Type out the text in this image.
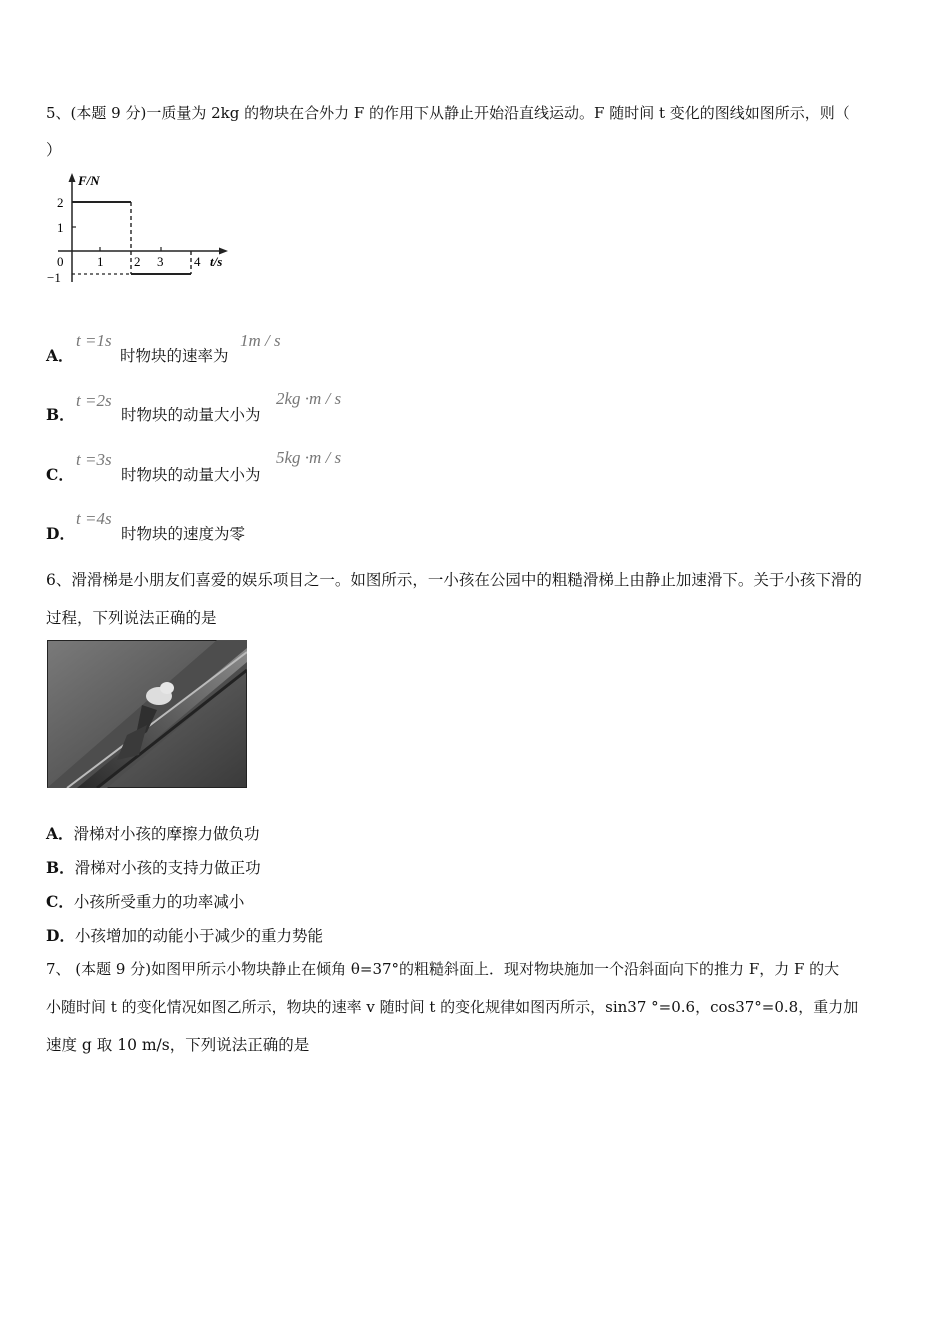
5、(本题 9 分)一质量为 2kg 的物块在合外力 F 的作用下从静止开始沿直线运动。F 随时间 t 变化的图线如图所示，则（
）
F/N
t/s
2
1
0
−1
1 2 3 4
A．
t =1s
时物块的速率为
1m / s
B．
t =2s
时物块的动量大小为
2kg ·m / s
C．
t =3s
时物块的动量大小为
5kg ·m / s
D．
t =4s
时物块的速度为零
6、滑滑梯是小朋友们喜爱的娱乐项目之一。如图所示，一小孩在公园中的粗糙滑梯上由静止加速滑下。关于小孩下滑的
过程，下列说法正确的是
A．滑梯对小孩的摩擦力做负功
B．滑梯对小孩的支持力做正功
C．小孩所受重力的功率减小
D．小孩增加的动能小于减少的重力势能
7、 (本题 9 分)如图甲所示小物块静止在倾角 θ=37°的粗糙斜面上．现对物块施加一个沿斜面向下的推力 F，力 F 的大
小随时间 t 的变化情况如图乙所示，物块的速率 v 随时间 t 的变化规律如图丙所示，sin37 °=0.6，cos37°=0.8，重力加
速度 g 取 10 m/s，下列说法正确的是
